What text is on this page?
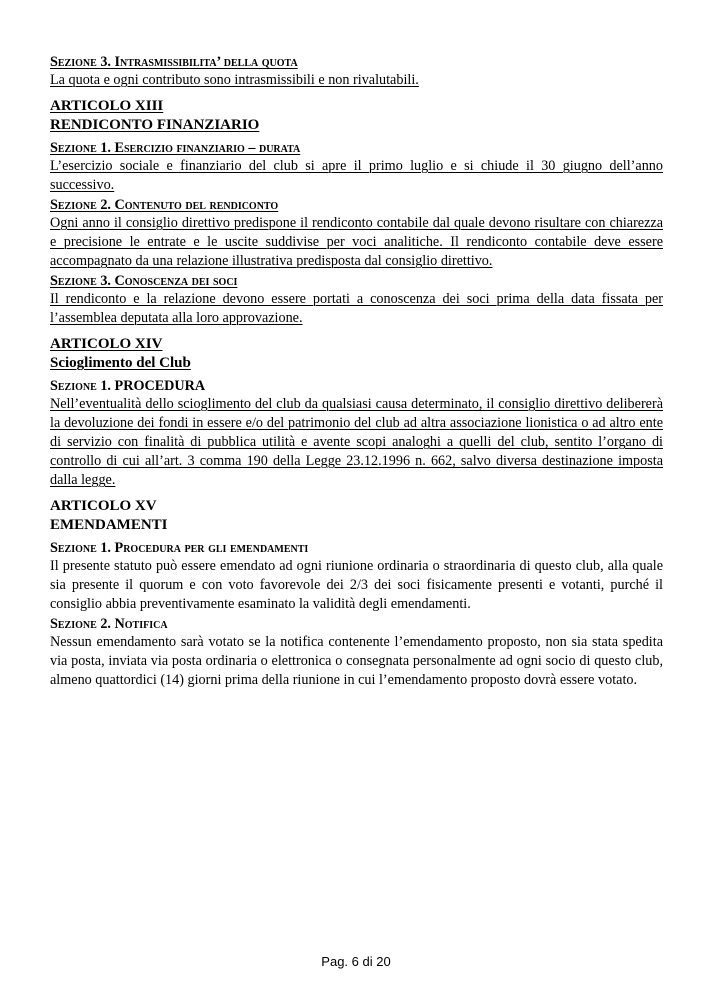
Sezione 3. Intrasmissibilita’ della quota

La quota e ogni contributo sono intrasmissibili e non rivalutabili.

ARTICOLO XIII
RENDICONTO FINANZIARIO
Sezione 1. Esercizio finanziario – durata

L’esercizio sociale e finanziario del club si apre il primo luglio e si chiude il 30 giugno dell’anno successivo.

Sezione 2. Contenuto del rendiconto

Ogni anno il consiglio direttivo predispone il rendiconto contabile dal quale devono risultare con chiarezza e precisione le entrate e le uscite suddivise per voci analitiche. Il rendiconto contabile deve essere accompagnato da una relazione illustrativa predisposta dal consiglio direttivo.

Sezione 3. Conoscenza dei soci

Il rendiconto e la relazione devono essere portati a conoscenza dei soci prima della data fissata per l’assemblea deputata alla loro approvazione.

ARTICOLO XIV
Scioglimento del Club
Sezione 1. PROCEDURA

Nell’eventualità dello scioglimento del club da qualsiasi causa determinato, il consiglio direttivo delibererà la devoluzione dei fondi in essere e/o del patrimonio del club ad altra associazione lionistica o ad altro ente di servizio con finalità di pubblica utilità e avente scopi analoghi a quelli del club, sentito l’organo di controllo di cui all’art. 3 comma 190 della Legge 23.12.1996 n. 662, salvo diversa destinazione imposta dalla legge.

ARTICOLO XV
EMENDAMENTI
Sezione 1. Procedura per gli emendamenti

Il presente statuto può essere emendato ad ogni riunione ordinaria o straordinaria di questo club, alla quale sia presente il quorum e con voto favorevole dei 2/3 dei soci fisicamente presenti e votanti, purché il consiglio abbia preventivamente esaminato la validità degli emendamenti.

Sezione 2. Notifica

Nessun emendamento sarà votato se la notifica contenente l’emendamento proposto, non sia stata spedita via posta, inviata via posta ordinaria o elettronica o consegnata personalmente ad ogni socio di questo club, almeno quattordici (14) giorni prima della riunione in cui l’emendamento proposto dovrà essere votato.

Pag. 6 di 20
